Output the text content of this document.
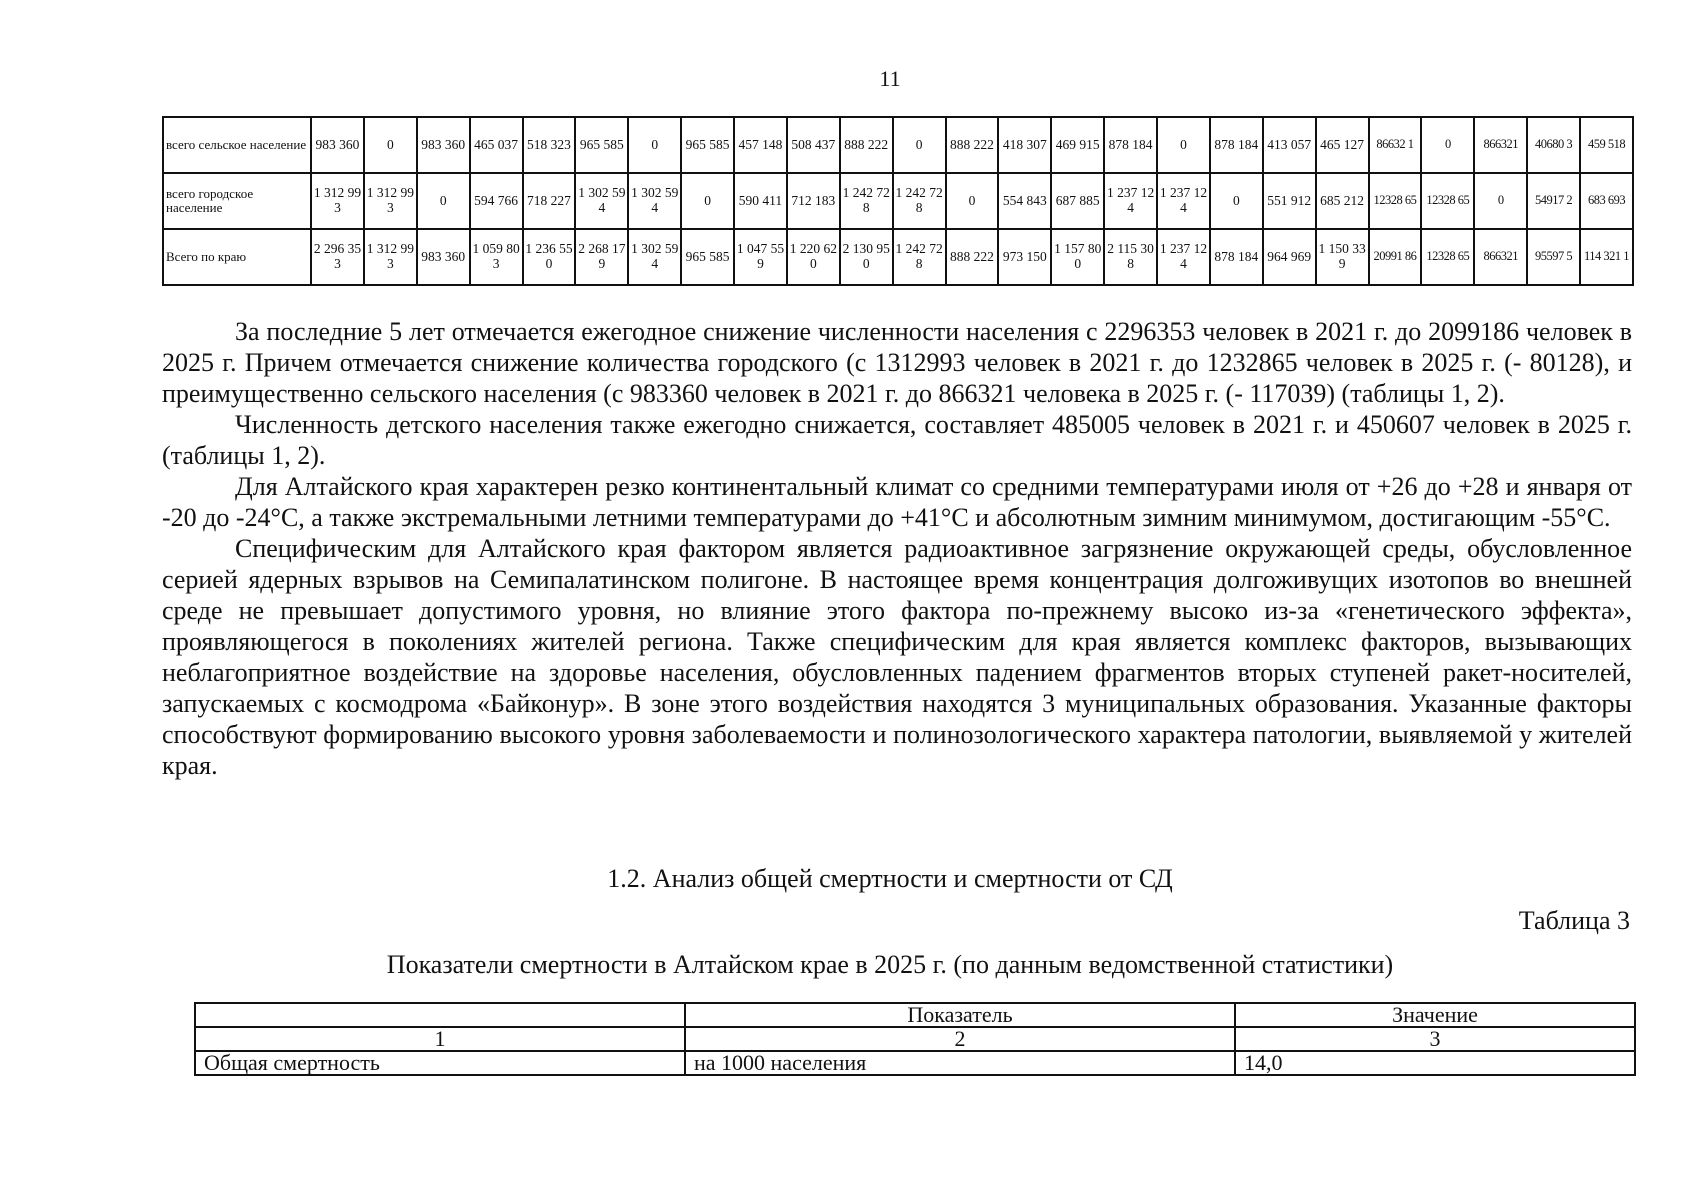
11
всего сельское население	983 360	0	983 360	465 037	518 323	965 585	0	965 585	457 148	508 437	888 222	0	888 222	418 307	469 915	878 184	0	878 184	413 057	465 127	86632 1	0	866321	40680 3	459 518
всего городское население	1 312 993	1 312 993	0	594 766	718 227	1 302 594	1 302 594	0	590 411	712 183	1 242 728	1 242 728	0	554 843	687 885	1 237 124	1 237 124	0	551 912	685 212	12328 65	12328 65	0	54917 2	683 693
Всего по краю	2 296 353	1 312 993	983 360	1 059 803	1 236 550	2 268 179	1 302 594	965 585	1 047 559	1 220 620	2 130 950	1 242 728	888 222	973 150	1 157 800	2 115 308	1 237 124	878 184	964 969	1 150 339	20991 86	12328 65	866321	95597 5	114 321 1

За последние 5 лет отмечается ежегодное снижение численности населения с 2296353 человек в 2021 г. до 2099186 человек в 2025 г. Причем отмечается снижение количества городского (с 1312993 человек в 2021 г. до 1232865 человек в 2025 г. (- 80128), и преимущественно сельского населения (с 983360 человек в 2021 г. до 866321 человека в 2025 г. (- 117039) (таблицы 1, 2).

Численность детского населения также ежегодно снижается, составляет 485005 человек в 2021 г. и 450607 человек в 2025 г. (таблицы 1, 2).

Для Алтайского края характерен резко континентальный климат со средними температурами июля от +26 до +28 и января от -20 до -24°С, а также экстремальными летними температурами до +41°С и абсолютным зимним минимумом, достигающим -55°С.

Специфическим для Алтайского края фактором является радиоактивное загрязнение окружающей среды, обусловленное серией ядерных взрывов на Семипалатинском полигоне. В настоящее время концентрация долгоживущих изотопов во внешней среде не превышает допустимого уровня, но влияние этого фактора по-прежнему высоко из-за «генетического эффекта», проявляющегося в поколениях жителей региона. Также специфическим для края является комплекс факторов, вызывающих неблагоприятное воздействие на здоровье населения, обусловленных падением фрагментов вторых ступеней ракет-носителей, запускаемых с космодрома «Байконур». В зоне этого воздействия находятся 3 муниципальных образования. Указанные факторы способствуют формированию высокого уровня заболеваемости и полинозологического характера патологии, выявляемой у жителей края.

1.2. Анализ общей смертности и смертности от СД
Таблица 3
Показатели смертности в Алтайском крае в 2025 г. (по данным ведомственной статистики)
	Показатель	Значение
1	2	3
Общая смертность	на 1000 населения	14,0
